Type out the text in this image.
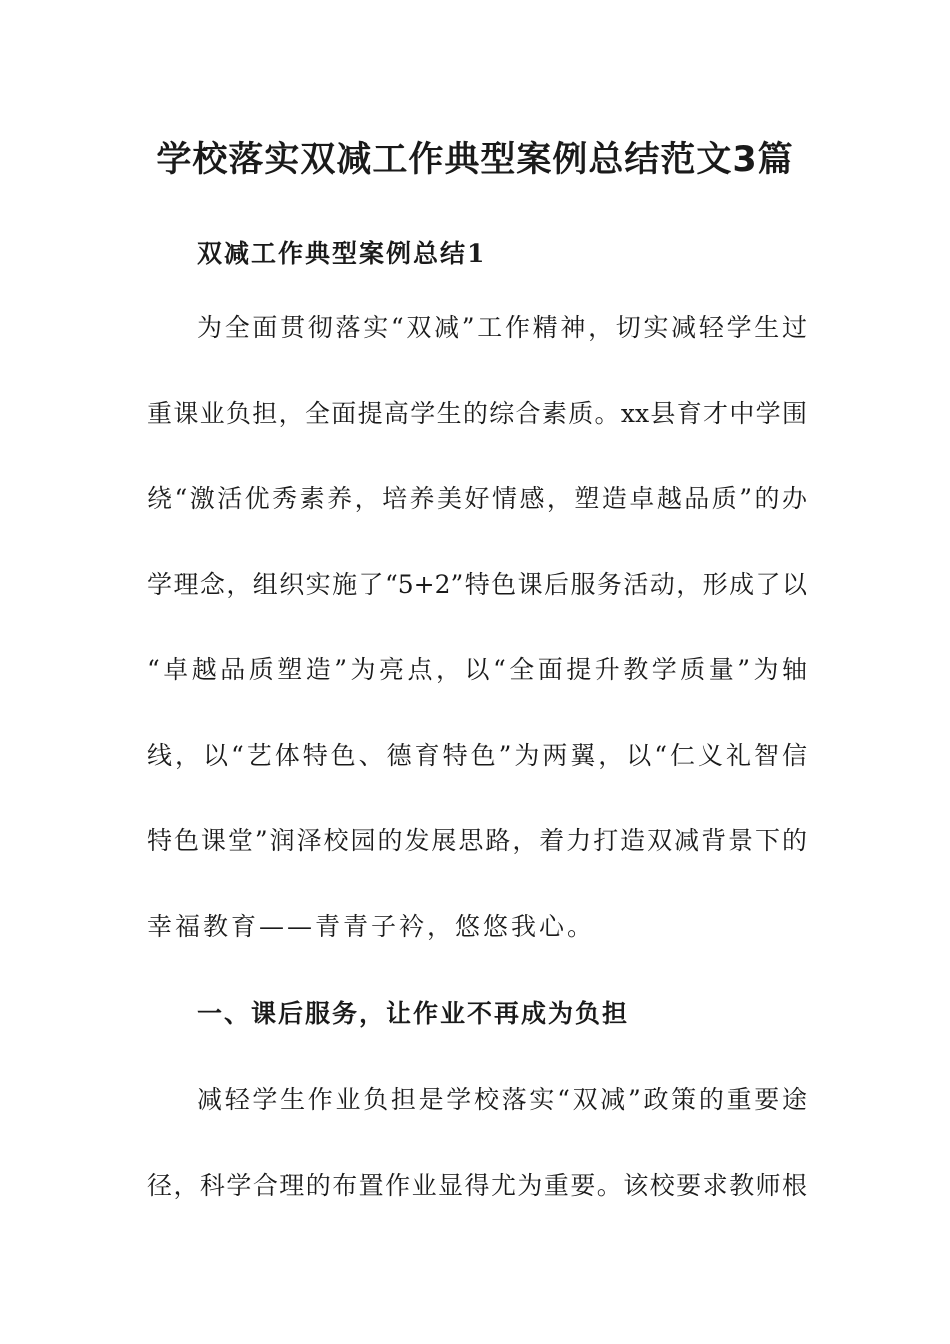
学校落实双减工作典型案例总结范文3篇
双减工作典型案例总结1
为全面贯彻落实“双减”工作精神，切实减轻学生过
重课业负担，全面提高学生的综合素质。xx县育才中学围
绕“激活优秀素养，培养美好情感，塑造卓越品质”的办
学理念，组织实施了“5+2”特色课后服务活动，形成了以
“卓越品质塑造”为亮点，以“全面提升教学质量”为轴
线，以“艺体特色、德育特色”为两翼，以“仁义礼智信
特色课堂”润泽校园的发展思路，着力打造双减背景下的
幸福教育——青青子衿，悠悠我心。
一、课后服务，让作业不再成为负担
减轻学生作业负担是学校落实“双减”政策的重要途
径，科学合理的布置作业显得尤为重要。该校要求教师根
